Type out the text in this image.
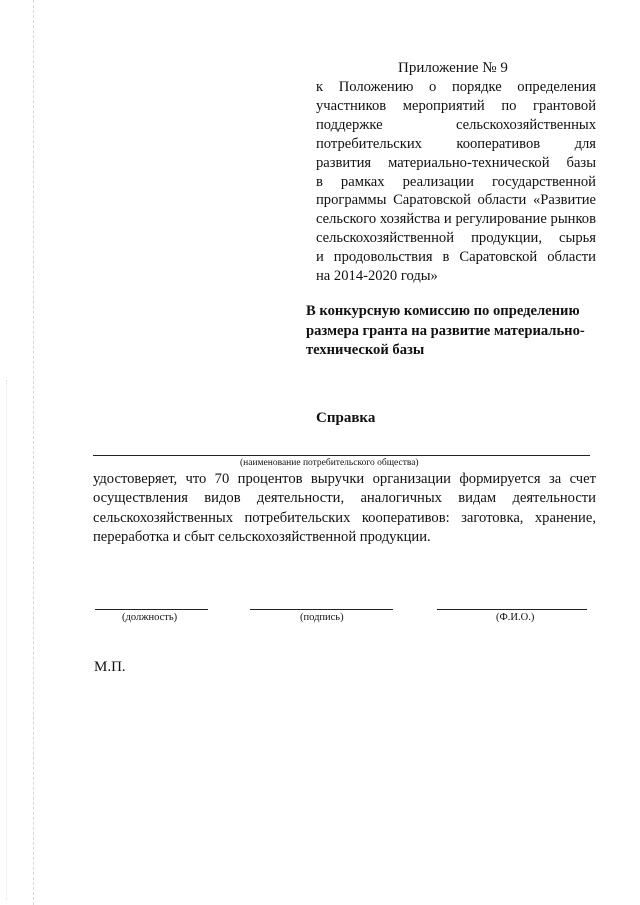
Приложение № 9
к Положению о порядке определения
участников мероприятий по грантовой
поддержке сельскохозяйственных
потребительских кооперативов для
развития материально-технической базы
в рамках реализации государственной
программы Саратовской области «Развитие
сельского хозяйства и регулирование рынков
сельскохозяйственной продукции, сырья
и продовольствия в Саратовской области
на 2014-2020 годы»
В конкурсную комиссию по определению
размера гранта на развитие материально-
технической базы
Справка
(наименование потребительского общества)
удостоверяет, что 70 процентов выручки организации формируется за счет
осуществления видов деятельности, аналогичных видам деятельности
сельскохозяйственных потребительских кооперативов: заготовка, хранение,
переработка и сбыт сельскохозяйственной продукции.
(должность)	(подпись)	(Ф.И.О.)
М.П.
